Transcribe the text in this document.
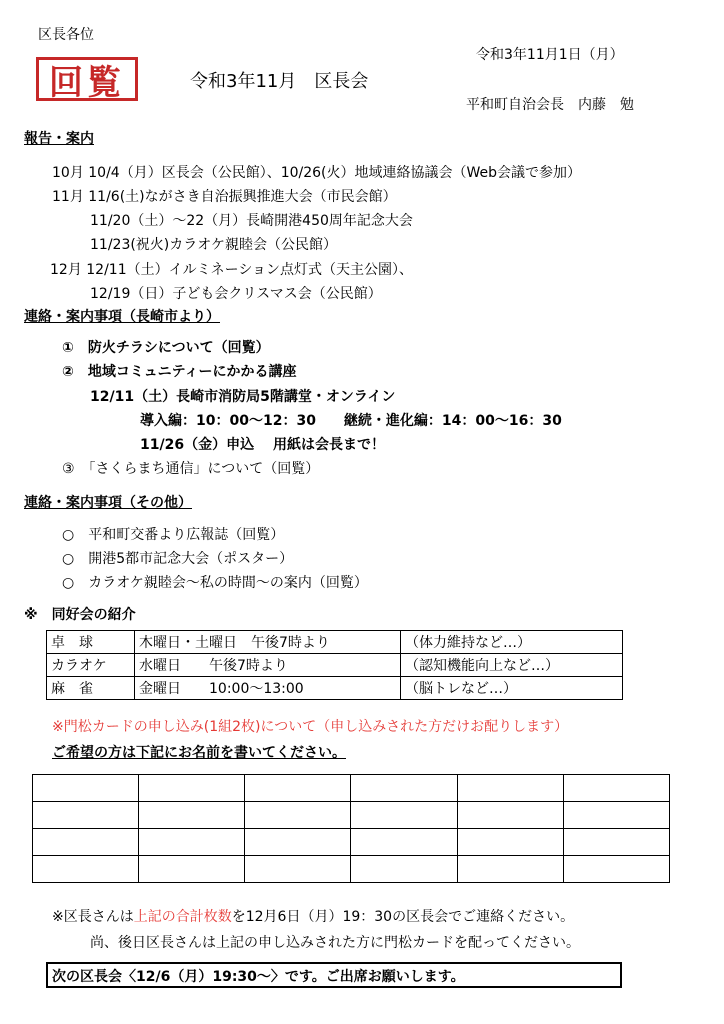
区長各位
令和3年11月1日（月）
回覧	令和3年11月　区長会
平和町自治会長　内藤　勉
報告・案内
10月 10/4（月）区長会（公民館）、10/26(火）地域連絡協議会（Web会議で参加）
11月 11/6(土)ながさき自治振興推進大会（市民会館）
11/20（土）～22（月）長崎開港450周年記念大会
11/23(祝火)カラオケ親睦会（公民館）
12月 12/11（土）イルミネーション点灯式（天主公園）、
12/19（日）子ども会クリスマス会（公民館）
連絡・案内事項（長崎市より）
①　防火チラシについて（回覧）
②　地域コミュニティーにかかる講座
12/11（土）長崎市消防局5階講堂・オンライン
導入編：10：00～12：30　　継続・進化編：14：00～16：30
11/26（金）申込　 用紙は会長まで！
③　「さくらまち通信」について（回覧）
連絡・案内事項（その他）
○　平和町交番より広報誌（回覧）
○　開港5都市記念大会（ポスター）
○　カラオケ親睦会～私の時間～の案内（回覧）
※　同好会の紹介
卓　球	木曜日・土曜日　午後7時より	（体力維持など…）
カラオケ	水曜日　　午後7時より	（認知機能向上など…）
麻　雀	金曜日　　10:00～13:00	（脳トレなど…）
※門松カードの申し込み(1組2枚)について（申し込みされた方だけお配りします）
ご希望の方は下記にお名前を書いてください。

※区長さんは上記の合計枚数を12月6日（月）19：30の区長会でご連絡ください。
尚、後日区長さんは上記の申し込みされた方に門松カードを配ってください。
次の区長会〈12/6（月）19:30～〉です。ご出席お願いします。
